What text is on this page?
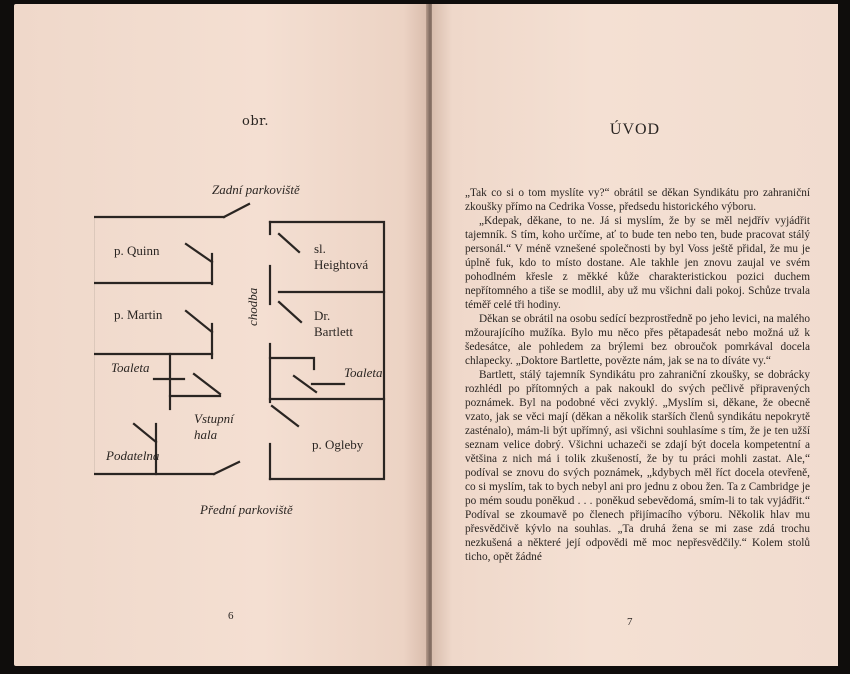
obr.
Zadní parkoviště
p. Quinn
p. Martin
Toaleta
Vstupní
hala
Podatelna
chodba
sl.
Heightová
Dr.
Bartlett
Toaleta
p. Ogleby
Přední parkoviště
6
ÚVOD

„Tak co si o tom myslíte vy?“ obrátil se děkan Syndikátu pro zahraniční zkoušky přímo na Cedrika Vosse, předsedu historického výboru.

„Kdepak, děkane, to ne. Já si myslím, že by se měl nejdřív vyjádřit tajemník. S tím, koho určíme, ať to bude ten nebo ten, bude pracovat stálý personál.“ V méně vznešené společnosti by byl Voss ještě přidal, že mu je úplně fuk, kdo to místo dostane. Ale takhle jen znovu zaujal ve svém pohodlném křesle z měkké kůže charakteristickou pozici duchem nepřítomného a tiše se modlil, aby už mu všichni dali pokoj. Schůze trvala téměř celé tři hodiny.

Děkan se obrátil na osobu sedící bezprostředně po jeho levici, na malého mžourajícího mužíka. Bylo mu něco přes pětapadesát nebo možná už k šedesátce, ale pohledem za brýlemi bez obroučok pomrkával docela chlapecky. „Doktore Bartlette, povězte nám, jak se na to díváte vy.“

Bartlett, stálý tajemník Syndikátu pro zahraniční zkoušky, se dobrácky rozhlédl po přítomných a pak nakoukl do svých pečlivě připravených poznámek. Byl na podobné věci zvyklý. „Myslím si, děkane, že obecně vzato, jak se věci mají (děkan a několik starších členů syndikátu nepokrytě zasténalo), mám-li být upřímný, asi všichni souhlasíme s tím, že je ten užší seznam velice dobrý. Všichni uchazeči se zdají být docela kompetentní a většina z nich má i tolik zkušeností, že by tu práci mohli zastat. Ale,“ podíval se znovu do svých poznámek, „kdybych měl říct docela otevřeně, co si myslím, tak to bych nebyl ani pro jednu z obou žen. Ta z Cambridge je po mém soudu poněkud . . . poněkud sebevědomá, smím-li to tak vyjádřit.“ Podíval se zkoumavě po členech přijímacího výboru. Několik hlav mu přesvědčivě kývlo na souhlas. „Ta druhá žena se mi zase zdá trochu nezkušená a některé její odpovědi mě moc nepřesvědčily.“ Kolem stolů ticho, opět žádné

7
